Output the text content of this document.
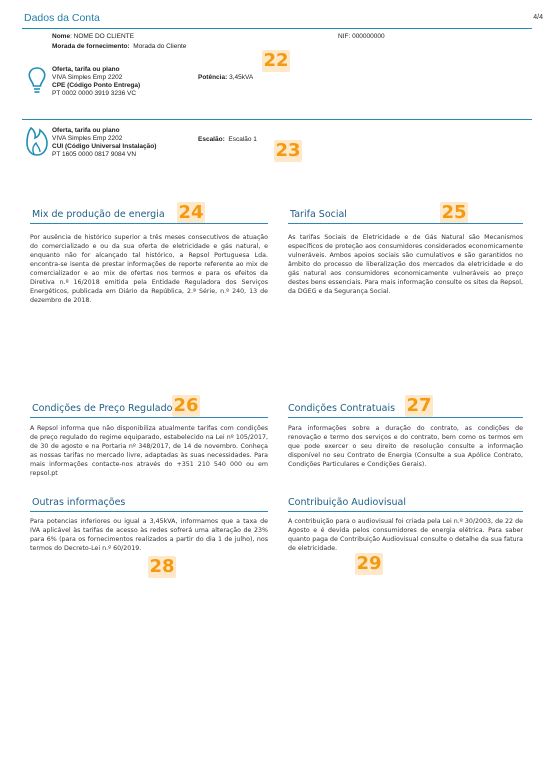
Dados da Conta	4/4
Nome: NOME DO CLIENTE	NIF: 000000000
Morada de fornecimento: Morada do Cliente
Oferta, tarifa ou plano
VIVA Simples Emp 2202
CPE (Código Ponto Entrega)
PT 0002 0000 3919 3236 VC
Potência: 3,45kVA
22
Oferta, tarifa ou plano
VIVA Simples Emp 2202
CUI (Código Universal Instalação)
PT 1605 0000 0817 9084 VN
Escalão: Escalão 1
23
Mix de produção de energia 24
Por ausência de histórico superior a três meses consecutivos de atuação do comercializado e ou da sua oferta de eletricidade e gás natural, e enquanto não for alcançado tal histórico, a Repsol Portuguesa Lda. encontra-se isenta de prestar informações de reporte referente ao mix de comercializador e ao mix de ofertas nos termos e para os efeitos da Diretiva n.º 16/2018 emitida pela Entidade Reguladora dos Serviços Energéticos, publicada em Diário da República, 2.ª Série, n.º 240, 13 de dezembro de 2018.
Tarifa Social	25
As tarifas Sociais de Eletricidade e de Gás Natural são Mecanismos específicos de proteção aos consumidores considerados economicamente vulneráveis. Ambos apoios sociais são cumulativos e são garantidos no âmbito do processo de liberalização dos mercados da eletricidade e do gás natural aos consumidores economicamente vulneráveis ao preço destes bens essenciais. Para mais informação consulte os sites da Repsol, da DGEG e da Segurança Social.
Condições de Preço Regulado 26
A Repsol informa que não disponibiliza atualmente tarifas com condições de preço regulado do regime equiparado, estabelecido na Lei nº 105/2017, de 30 de agosto e na Portaria nº 348/2017, de 14 de novembro. Conheça as nossas tarifas no mercado livre, adaptadas às suas necessidades. Para mais informações contacte-nos através do +351 210 540 000 ou em repsol.pt
Condições Contratuais 27
Para informações sobre a duração do contrato, as condições de renovação e termo dos serviços e do contrato, bem como os termos em que pode exercer o seu direito de resolução consulte a informação disponível no seu Contrato de Energia (Consulte a sua Apólice Contrato, Condições Particulares e Condições Gerais).
Outras informações
Para potencias inferiores ou igual a 3,45kVA, informamos que a taxa de IVA aplicável às tarifas de acesso às redes sofrerá uma alteração de 23% para 6% (para os fornecimentos realizados a partir do dia 1 de julho), nos termos do Decreto-Lei n.º 60/2019.
28
Contribuição Audiovisual
A contribuição para o audiovisual foi criada pela Lei n.º 30/2003, de 22 de Agosto e é devida pelos consumidores de energia elétrica. Para saber quanto paga de Contribuição Audiovisual consulte o detalhe da sua fatura de eletricidade.
29
